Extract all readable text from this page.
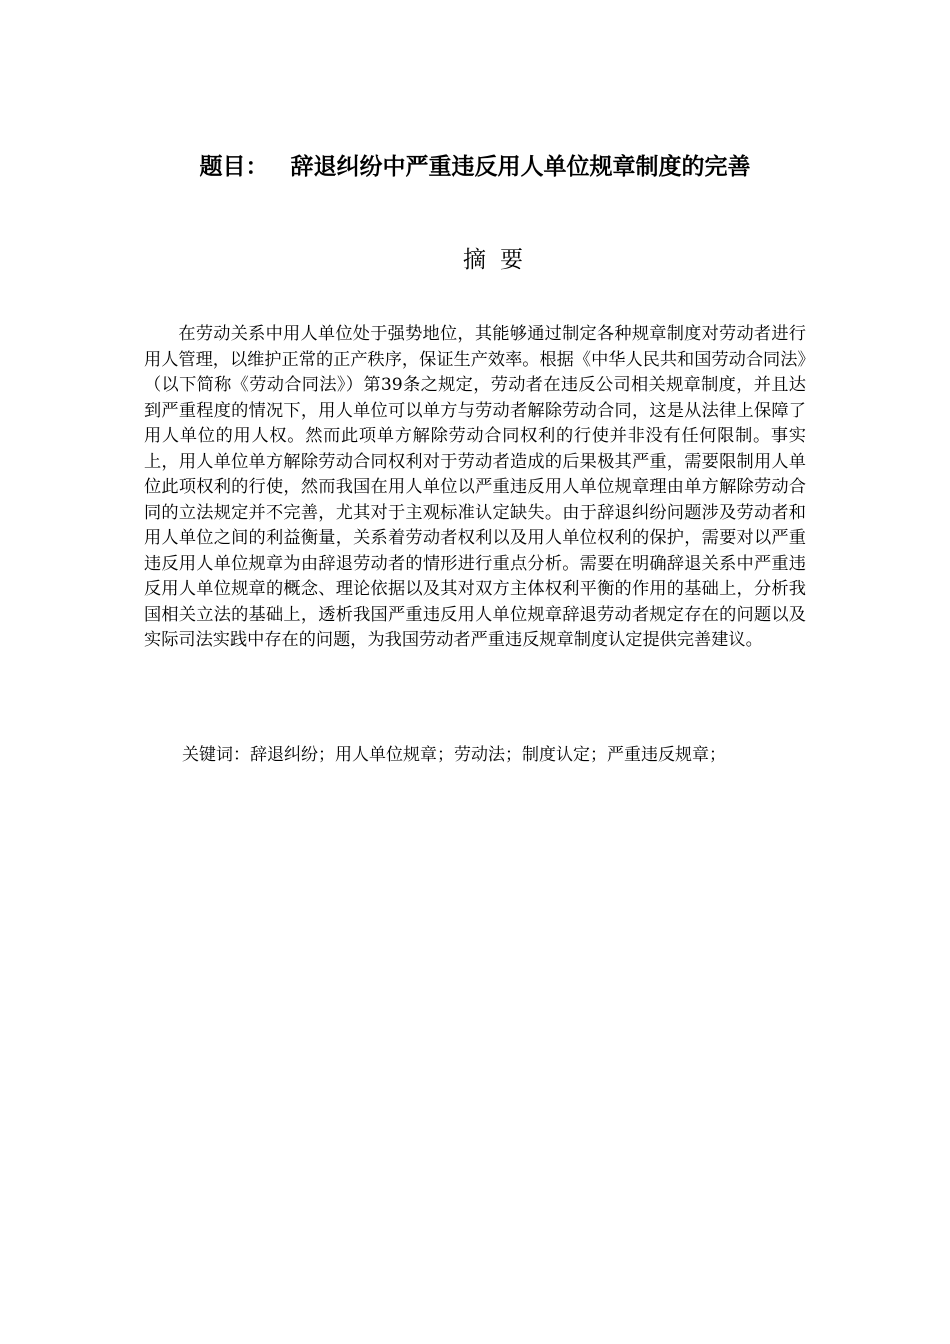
题目： 辞退纠纷中严重违反用人单位规章制度的完善
摘要

在劳动关系中用人单位处于强势地位，其能够通过制定各种规章制度对劳动者进行用人管理，以维护正常的正产秩序，保证生产效率。根据《中华人民共和国劳动合同法》（以下简称《劳动合同法》）第39条之规定，劳动者在违反公司相关规章制度，并且达到严重程度的情况下，用人单位可以单方与劳动者解除劳动合同，这是从法律上保障了用人单位的用人权。然而此项单方解除劳动合同权利的行使并非没有任何限制。事实上，用人单位单方解除劳动合同权利对于劳动者造成的后果极其严重，需要限制用人单位此项权利的行使，然而我国在用人单位以严重违反用人单位规章理由单方解除劳动合同的立法规定并不完善，尤其对于主观标准认定缺失。由于辞退纠纷问题涉及劳动者和用人单位之间的利益衡量，关系着劳动者权利以及用人单位权利的保护，需要对以严重违反用人单位规章为由辞退劳动者的情形进行重点分析。需要在明确辞退关系中严重违反用人单位规章的概念、理论依据以及其对双方主体权利平衡的作用的基础上，分析我国相关立法的基础上，透析我国严重违反用人单位规章辞退劳动者规定存在的问题以及实际司法实践中存在的问题，为我国劳动者严重违反规章制度认定提供完善建议。

关键词：辞退纠纷；用人单位规章；劳动法；制度认定；严重违反规章；
